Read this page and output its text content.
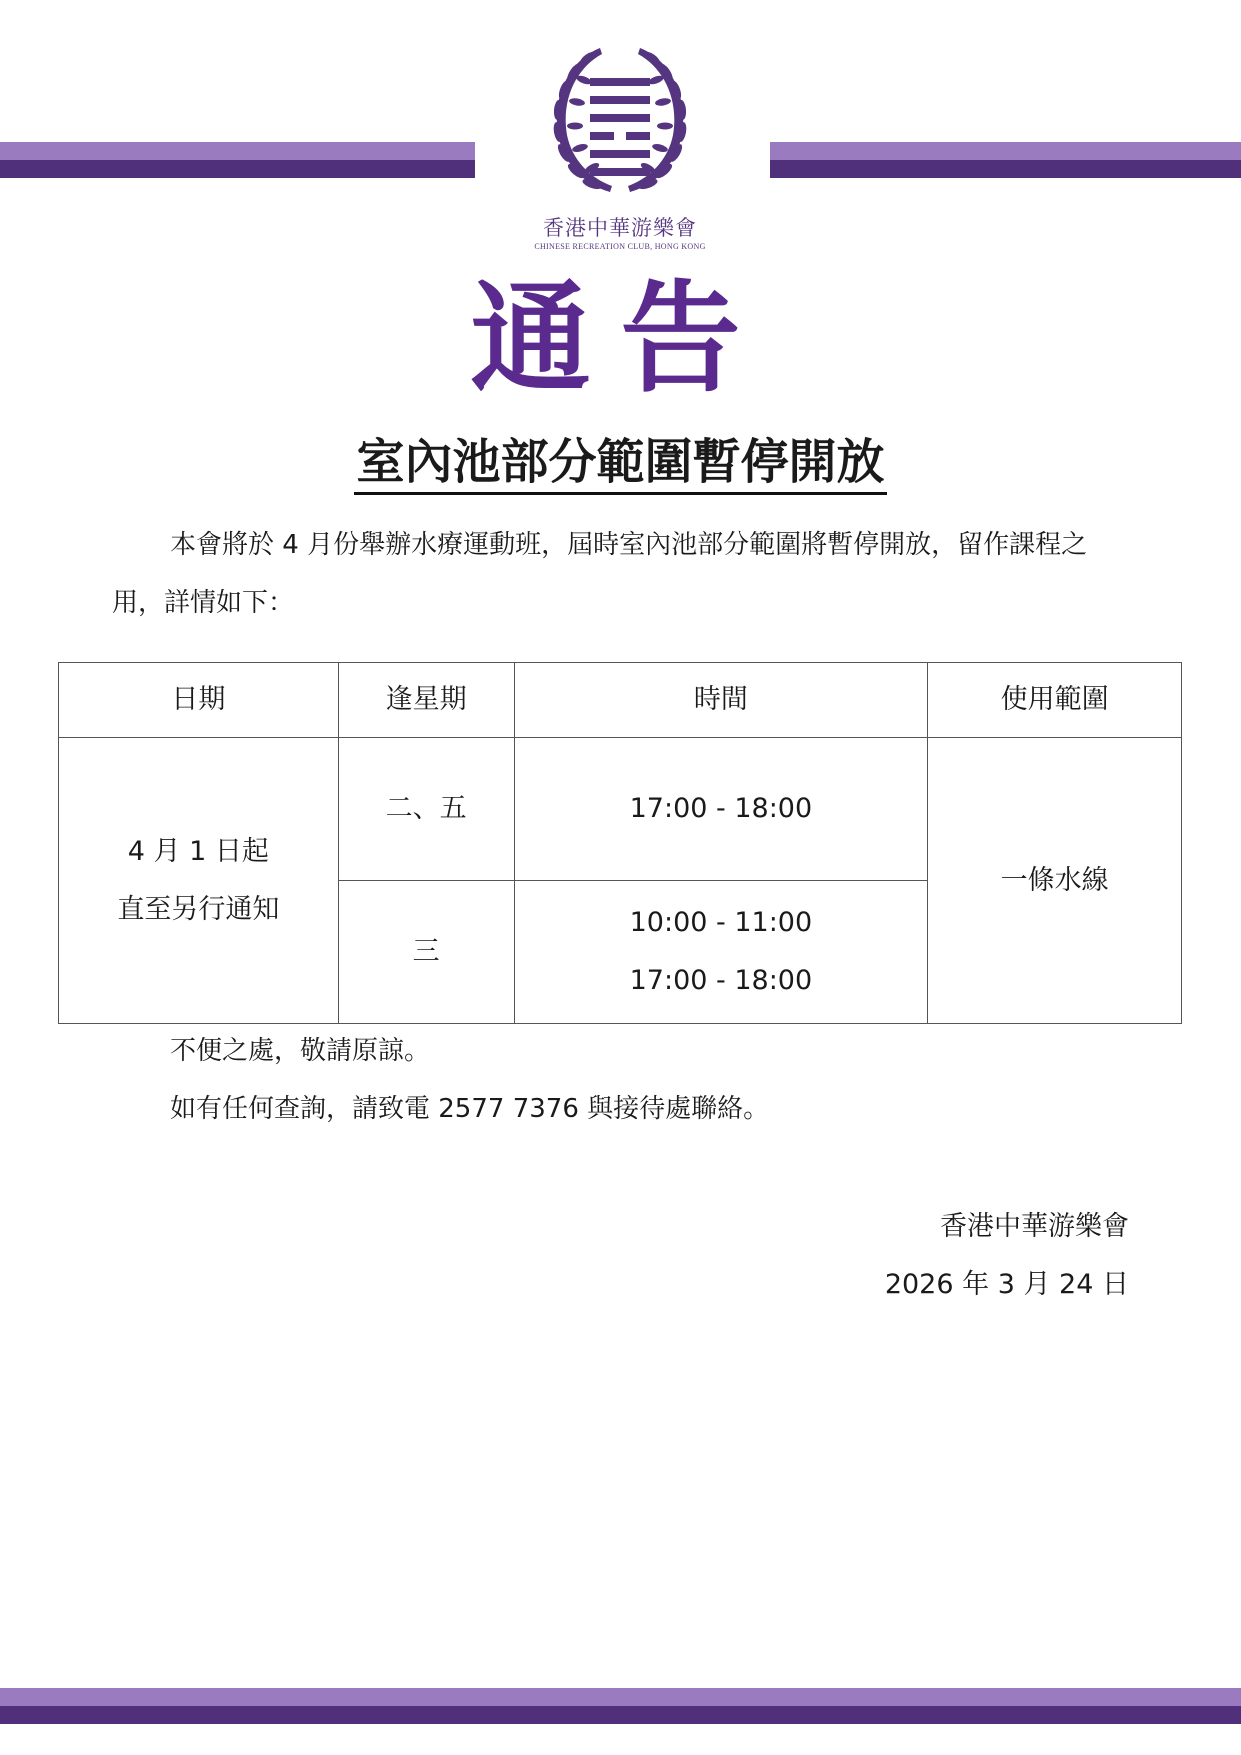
香港中華游樂會
CHINESE RECREATION CLUB, HONG KONG
通告
室內池部分範圍暫停開放
本會將於 4 月份舉辦水療運動班，屆時室內池部分範圍將暫停開放，留作課程之用，詳情如下：
日期	逢星期	時間	使用範圍

4 月 1 日起
直至另行通知	二、五	17:00 - 18:00	一條水線
	三	10:00 - 11:00
17:00 - 18:00	
不便之處，敬請原諒。
如有任何查詢，請致電 2577 7376 與接待處聯絡。
香港中華游樂會
2026 年 3 月 24 日
